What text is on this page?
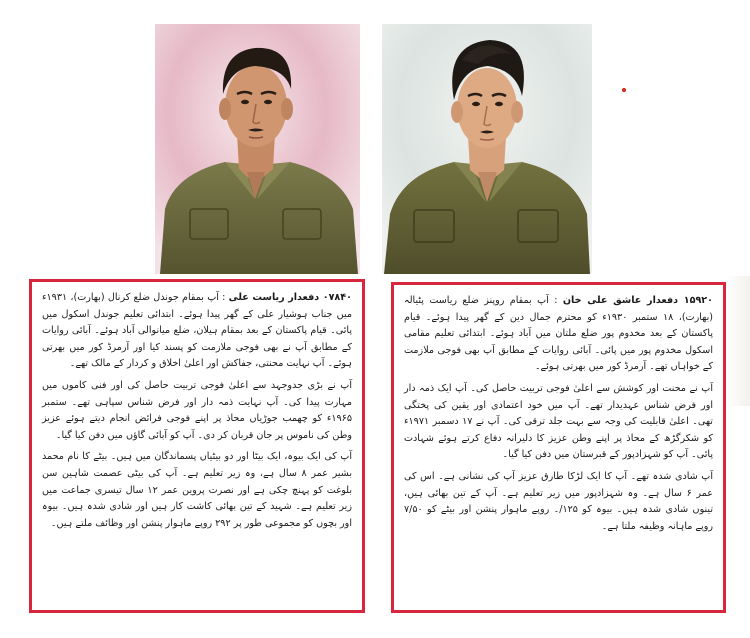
۰۷۸۴۰ دفعدار ریاست علی : آپ بمقام جوندل ضلع کرنال (بھارت)، ۱۹۳۱ء میں جناب ہوشیار علی کے گھر پیدا ہوئے۔ ابتدائی تعلیم جوندل اسکول میں پائی۔ قیام پاکستان کے بعد بمقام ہیلان، ضلع میانوالی آباد ہوئے۔ آبائی روایات کے مطابق آپ نے بھی فوجی ملازمت کو پسند کیا اور آرمرڈ کور میں بھرتی ہوئے۔ آپ نہایت محنتی، جفاکش اور اعلیٰ اخلاق و کردار کے مالک تھے۔

آپ نے بڑی جدوجہد سے اعلیٰ فوجی تربیت حاصل کی اور فنی کاموں میں مہارت پیدا کی۔ آپ نہایت ذمہ دار اور فرض شناس سپاہی تھے۔ ستمبر ۱۹۶۵ء کو چھمب جوڑیاں محاذ پر اپنے فوجی فرائض انجام دیتے ہوئے عزیز وطن کی ناموس پر جان قربان کر دی۔ آپ کو آبائی گاؤں میں دفن کیا گیا۔

آپ کی ایک بیوہ، ایک بیٹا اور دو بیٹیاں پسماندگان میں ہیں۔ بیٹے کا نام محمد بشیر عمر ۸ سال ہے، وہ زیر تعلیم ہے۔ آپ کی بیٹی عصمت شاہین سن بلوغت کو پہنچ چکی ہے اور نصرت پروین عمر ۱۲ سال تیسری جماعت میں زیر تعلیم ہے۔ شہید کے تین بھائی کاشت کار ہیں اور شادی شدہ ہیں۔ بیوہ اور بچوں کو مجموعی طور پر ۲۹۲ روپے ماہوار پنشن اور وظائف ملتے ہیں۔

۱۵۹۲۰ دفعدار عاشق علی خان : آپ بمقام روپنز ضلع ریاست پٹیالہ (بھارت)، ۱۸ ستمبر ۱۹۳۰ء کو محترم جمال دین کے گھر پیدا ہوئے۔ قیام پاکستان کے بعد مخدوم پور ضلع ملتان میں آباد ہوئے۔ ابتدائی تعلیم مقامی اسکول مخدوم پور میں پائی۔ آبائی روایات کے مطابق آپ بھی فوجی ملازمت کے خواہاں تھے۔ آرمرڈ کور میں بھرتی ہوئے۔

آپ نے محنت اور کوشش سے اعلیٰ فوجی تربیت حاصل کی۔ آپ ایک ذمہ دار اور فرض شناس عہدیدار تھے۔ آپ میں خود اعتمادی اور یقین کی پختگی تھی۔ اعلیٰ قابلیت کی وجہ سے بہت جلد ترقی کی۔ آپ نے ۱۷ دسمبر ۱۹۷۱ء کو شکرگڑھ کے محاذ پر اپنے وطن عزیز کا دلیرانہ دفاع کرتے ہوئے شہادت پائی۔ آپ کو شہزادپور کے قبرستان میں دفن کیا گیا۔

آپ شادی شدہ تھے۔ آپ کا ایک لڑکا طارق عزیز آپ کی نشانی ہے۔ اس کی عمر ۶ سال ہے۔ وہ شہزادپور میں زیر تعلیم ہے۔ آپ کے تین بھائی ہیں، تینوں شادی شدہ ہیں۔ بیوہ کو ۱۲۵/۔ روپے ماہوار پنشن اور بیٹے کو ۷/۵۰ روپے ماہانہ وظیفہ ملتا ہے۔
